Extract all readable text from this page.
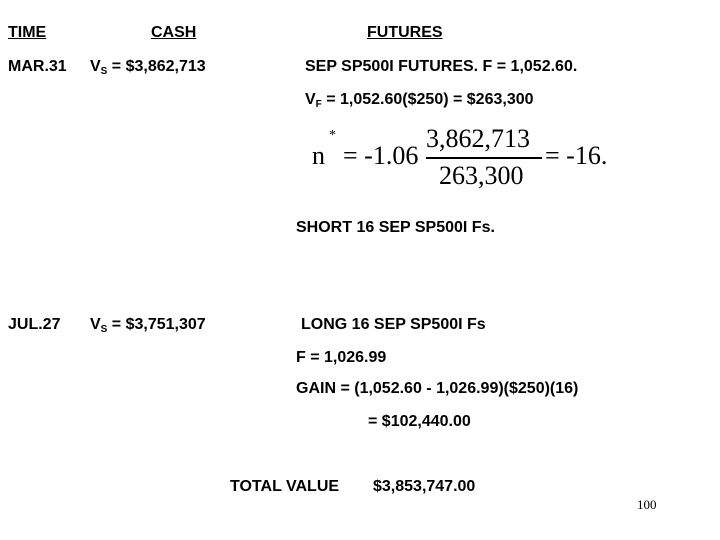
TIME	CASH	FUTURES
MAR.31 $V_S$ = $3,862,713	SEP SP500I FUTURES. F = 1,052.60.
$V_F$ = 1,052.60($250) = $263,300
n
*
= -1.06
3,862,713
263,300
= -16.
SHORT 16 SEP SP500I Fs.
JUL.27 $V_S$ = $3,751,307	LONG 16 SEP SP500I Fs
F = 1,026.99
GAIN = (1,052.60 - 1,026.99)($250)(16)
= $102,440.00
TOTAL VALUE $3,853,747.00
100
